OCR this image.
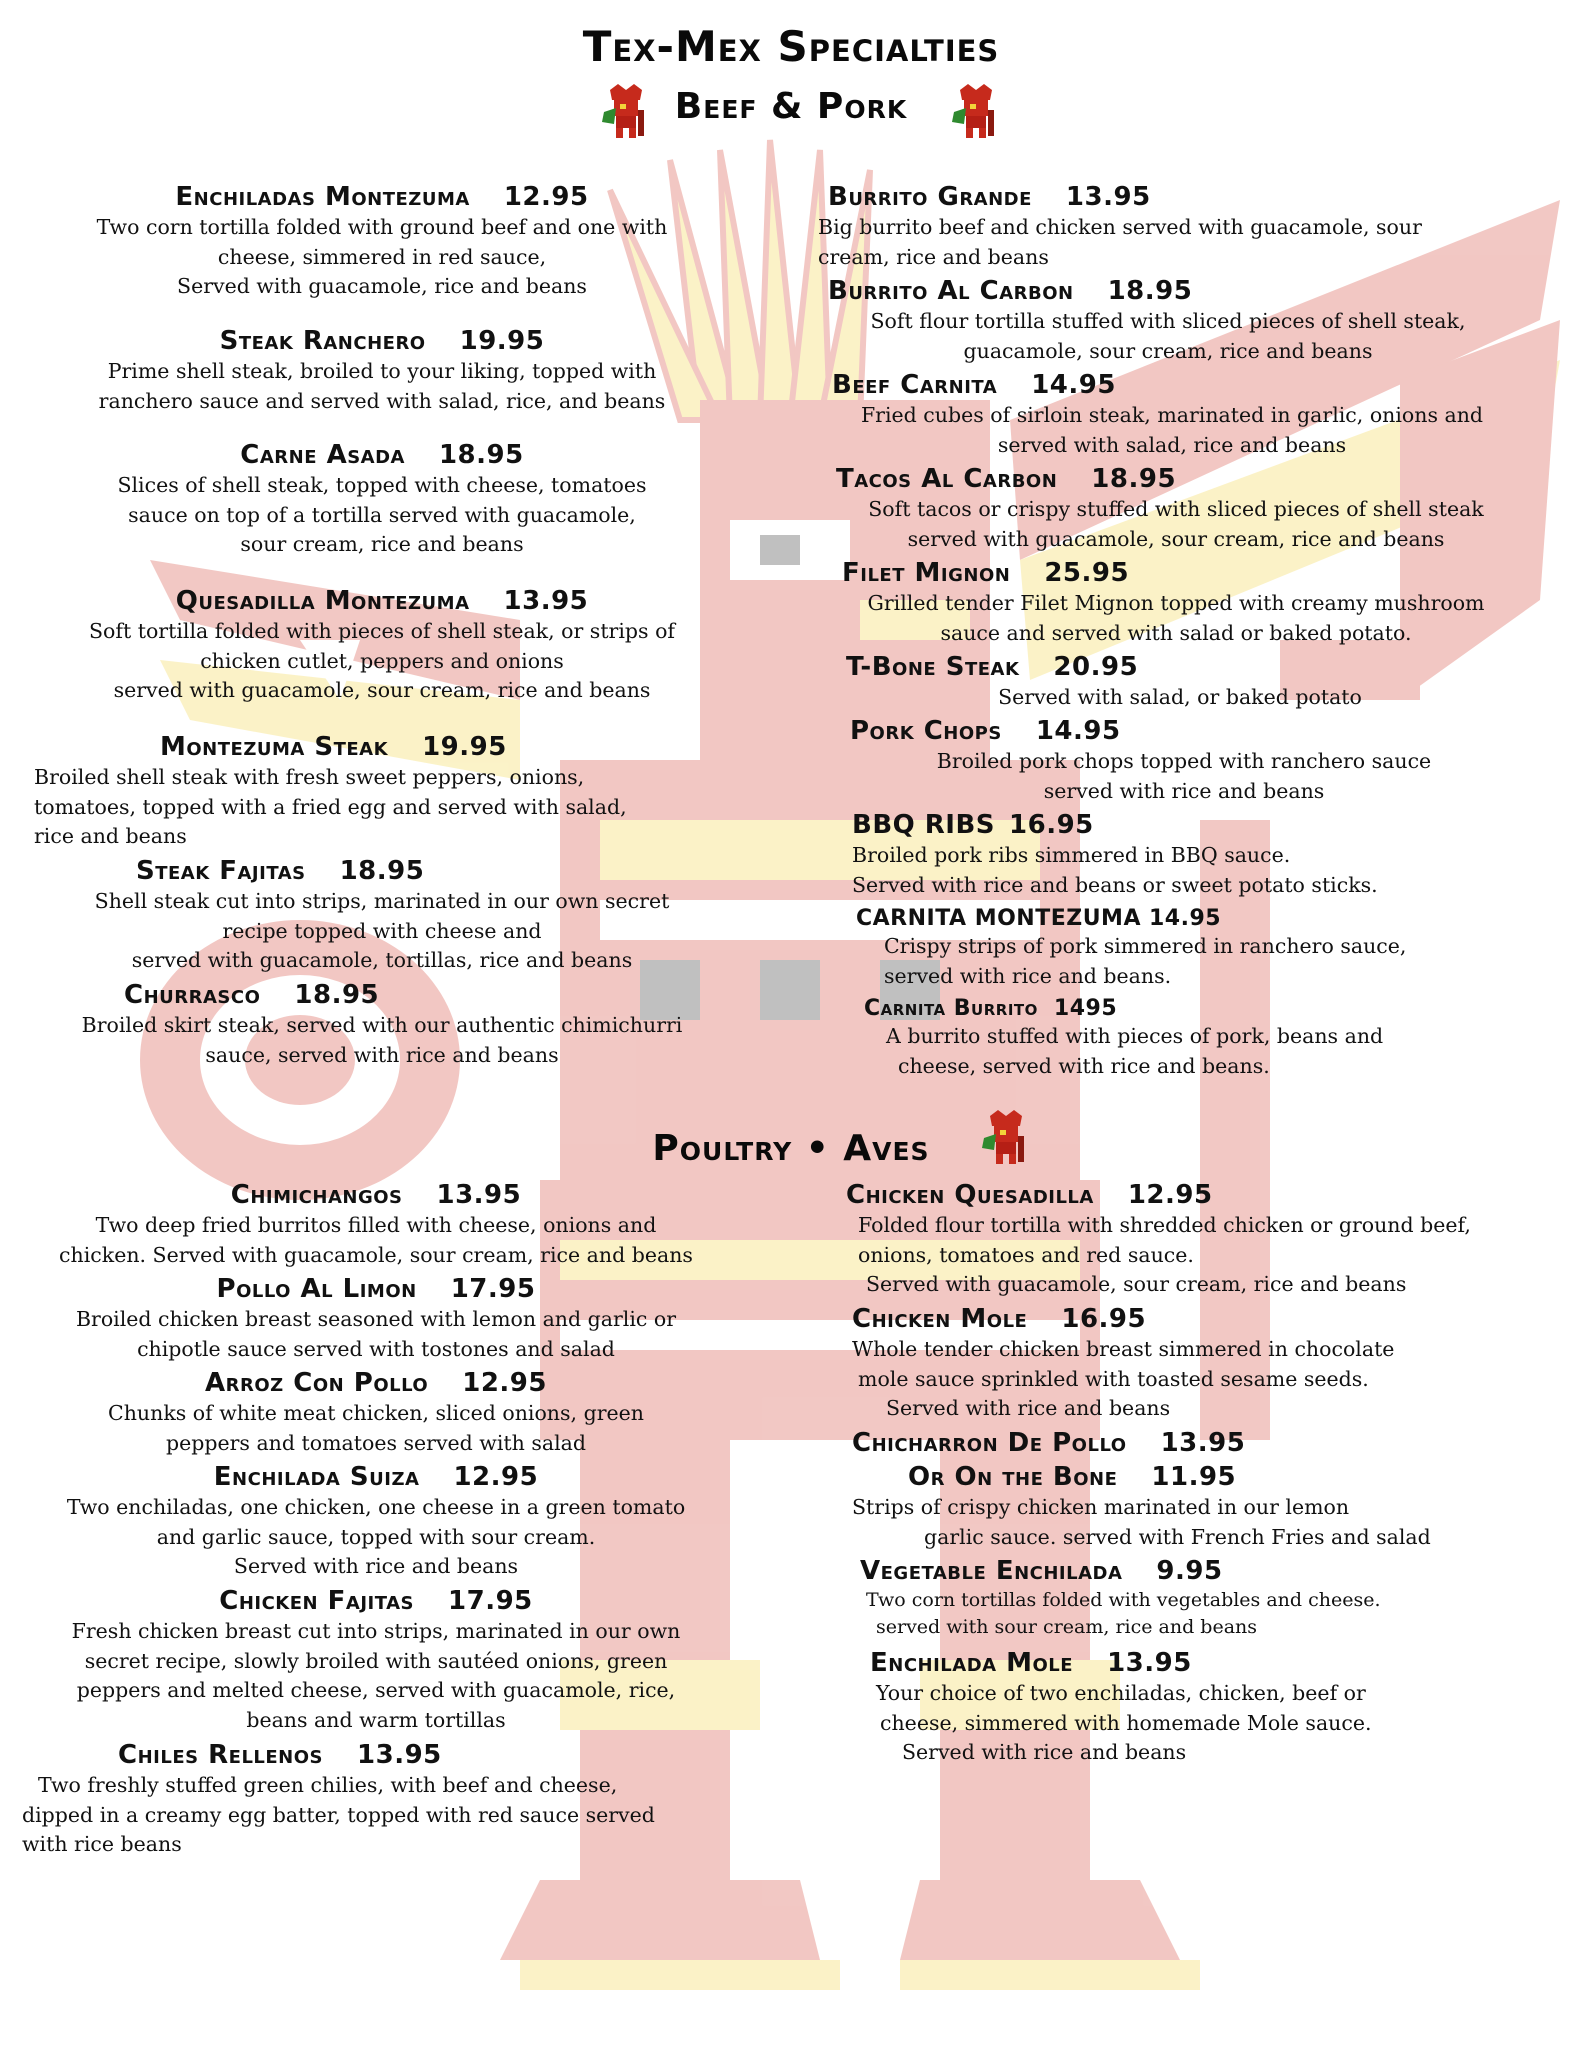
Tex-Mex Specialties
Beef & Pork
Poultry • Aves
Enchiladas Montezuma 12.95
Two corn tortilla folded with ground beef and one with
cheese, simmered in red sauce,
Served with guacamole, rice and beans
Steak Ranchero 19.95
Prime shell steak, broiled to your liking, topped with
ranchero sauce and served with salad, rice, and beans
Carne Asada 18.95
Slices of shell steak, topped with cheese, tomatoes
sauce on top of a tortilla served with guacamole,
sour cream, rice and beans
Quesadilla Montezuma 13.95
Soft tortilla folded with pieces of shell steak, or strips of
chicken cutlet, peppers and onions
served with guacamole, sour cream, rice and beans
Montezuma Steak 19.95
Broiled shell steak with fresh sweet peppers, onions,
tomatoes, topped with a fried egg and served with salad,
rice and beans
Steak Fajitas 18.95
Shell steak cut into strips, marinated in our own secret
recipe topped with cheese and
served with guacamole, tortillas, rice and beans
Churrasco 18.95
Broiled skirt steak, served with our authentic chimichurri
sauce, served with rice and beans
Burrito Grande 13.95
Big burrito beef and chicken served with guacamole, sour
cream, rice and beans
Burrito Al Carbon 18.95
Soft flour tortilla stuffed with sliced pieces of shell steak,
guacamole, sour cream, rice and beans
Beef Carnita 14.95
Fried cubes of sirloin steak, marinated in garlic, onions and
served with salad, rice and beans
Tacos Al Carbon 18.95
Soft tacos or crispy stuffed with sliced pieces of shell steak
served with guacamole, sour cream, rice and beans
Filet Mignon 25.95
Grilled tender Filet Mignon topped with creamy mushroom
sauce and served with salad or baked potato.
T-Bone Steak 20.95
Served with salad, or baked potato
Pork Chops 14.95
Broiled pork chops topped with ranchero sauce
served with rice and beans
BBQ RIBS 16.95
Broiled pork ribs simmered in BBQ sauce.
Served with rice and beans or sweet potato sticks.
CARNITA MONTEZUMA 14.95
Crispy strips of pork simmered in ranchero sauce,
served with rice and beans.
Carnita Burrito 1495
A burrito stuffed with pieces of pork, beans and
cheese, served with rice and beans.
Chimichangos 13.95
Two deep fried burritos filled with cheese, onions and
chicken. Served with guacamole, sour cream, rice and beans
Pollo Al Limon 17.95
Broiled chicken breast seasoned with lemon and garlic or
chipotle sauce served with tostones and salad
Arroz Con Pollo 12.95
Chunks of white meat chicken, sliced onions, green
peppers and tomatoes served with salad
Enchilada Suiza 12.95
Two enchiladas, one chicken, one cheese in a green tomato
and garlic sauce, topped with sour cream.
Served with rice and beans
Chicken Fajitas 17.95
Fresh chicken breast cut into strips, marinated in our own
secret recipe, slowly broiled with sautéed onions, green
peppers and melted cheese, served with guacamole, rice,
beans and warm tortillas
Chiles Rellenos 13.95
Two freshly stuffed green chilies, with beef and cheese,
dipped in a creamy egg batter, topped with red sauce served
with rice beans
Chicken Quesadilla 12.95
Folded flour tortilla with shredded chicken or ground beef,
onions, tomatoes and red sauce.
Served with guacamole, sour cream, rice and beans
Chicken Mole 16.95
Whole tender chicken breast simmered in chocolate
mole sauce sprinkled with toasted sesame seeds.
Served with rice and beans
Chicharron De Pollo 13.95
Or On the Bone 11.95
Strips of crispy chicken marinated in our lemon
garlic sauce. served with French Fries and salad
Vegetable Enchilada 9.95
Two corn tortillas folded with vegetables and cheese.
served with sour cream, rice and beans
Enchilada Mole 13.95
Your choice of two enchiladas, chicken, beef or
cheese, simmered with homemade Mole sauce.
Served with rice and beans
